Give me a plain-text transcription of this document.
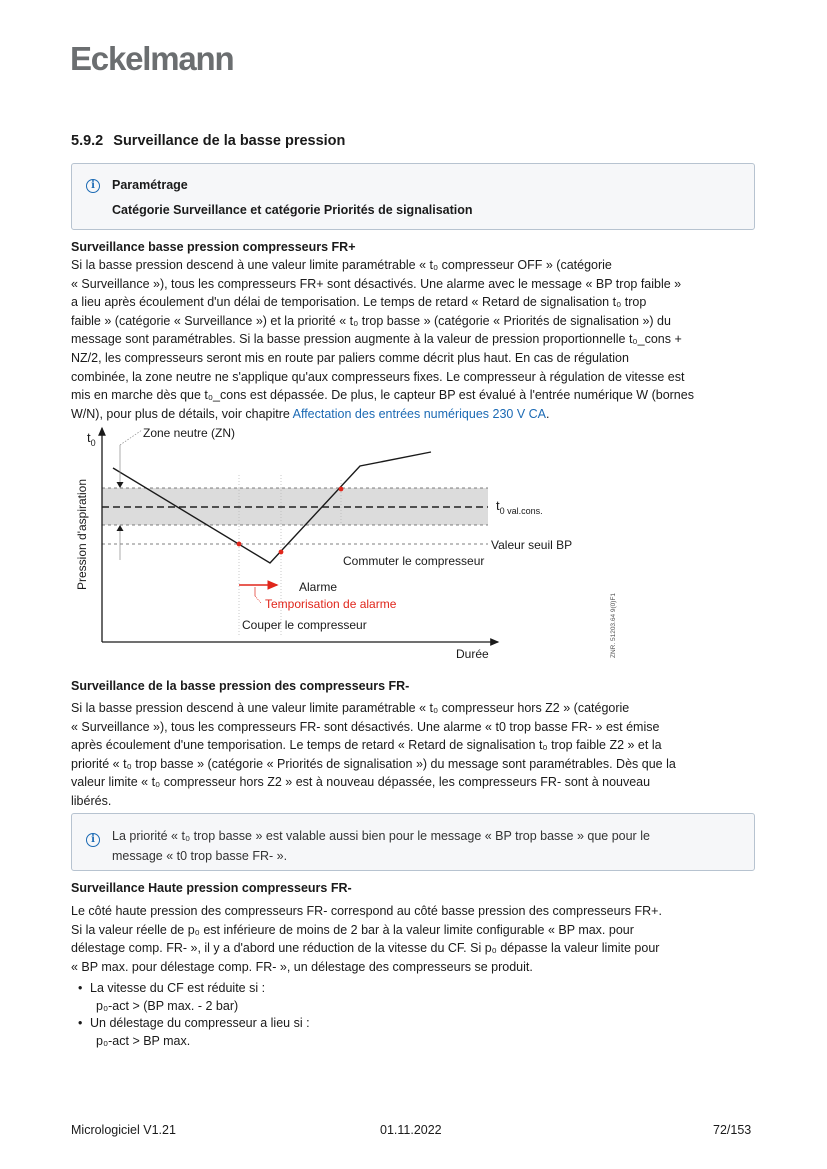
Eckelmann
5.9.2 Surveillance de la basse pression
i	Paramétrage
Catégorie Surveillance et catégorie Priorités de signalisation
Surveillance basse pression compresseurs FR+
Si la basse pression descend à une valeur limite paramétrable « t₀ compresseur OFF » (catégorie
« Surveillance »), tous les compresseurs FR+ sont désactivés. Une alarme avec le message « BP trop faible »
a lieu après écoulement d'un délai de temporisation. Le temps de retard « Retard de signalisation t₀ trop
faible » (catégorie « Surveillance ») et la priorité « t₀ trop basse » (catégorie « Priorités de signalisation ») du
message sont paramétrables. Si la basse pression augmente à la valeur de pression proportionnelle t₀_cons +
NZ/2, les compresseurs seront mis en route par paliers comme décrit plus haut. En cas de régulation
combinée, la zone neutre ne s'applique qu'aux compresseurs fixes. Le compresseur à régulation de vitesse est
mis en marche dès que t₀_cons est dépassée. De plus, le capteur BP est évalué à l'entrée numérique W (bornes
W/N), pour plus de détails, voir chapitre Affectation des entrées numériques 230 V CA.
$t_0$
Pression d'aspiration
Zone neutre (ZN)
$t_{0 val.cons.}$
Valeur seuil BP
Commuter le compresseur
Alarme
Temporisation de alarme
Couper le compresseur
Durée	ZNR. 51203.64 9(0)F1
Surveillance de la basse pression des compresseurs FR-
Si la basse pression descend à une valeur limite paramétrable « t₀ compresseur hors Z2 » (catégorie
« Surveillance »), tous les compresseurs FR- sont désactivés. Une alarme « t0 trop basse FR- » est émise
après écoulement d'une temporisation. Le temps de retard « Retard de signalisation t₀ trop faible Z2 » et la
priorité « t₀ trop basse » (catégorie « Priorités de signalisation ») du message sont paramétrables. Dès que la
valeur limite « t₀ compresseur hors Z2 » est à nouveau dépassée, les compresseurs FR- sont à nouveau
libérés.
i	La priorité « t₀ trop basse » est valable aussi bien pour le message « BP trop basse » que pour le
message « t0 trop basse FR- ».
Surveillance Haute pression compresseurs FR-
Le côté haute pression des compresseurs FR- correspond au côté basse pression des compresseurs FR+.
Si la valeur réelle de p₀ est inférieure de moins de 2 bar à la valeur limite configurable « BP max. pour
délestage comp. FR- », il y a d'abord une réduction de la vitesse du CF. Si p₀ dépasse la valeur limite pour
« BP max. pour délestage comp. FR- », un délestage des compresseurs se produit.
• La vitesse du CF est réduite si :
p₀-act > (BP max. - 2 bar)
• Un délestage du compresseur a lieu si :
p₀-act > BP max.
Micrologiciel V1.21	01.11.2022	72/153
